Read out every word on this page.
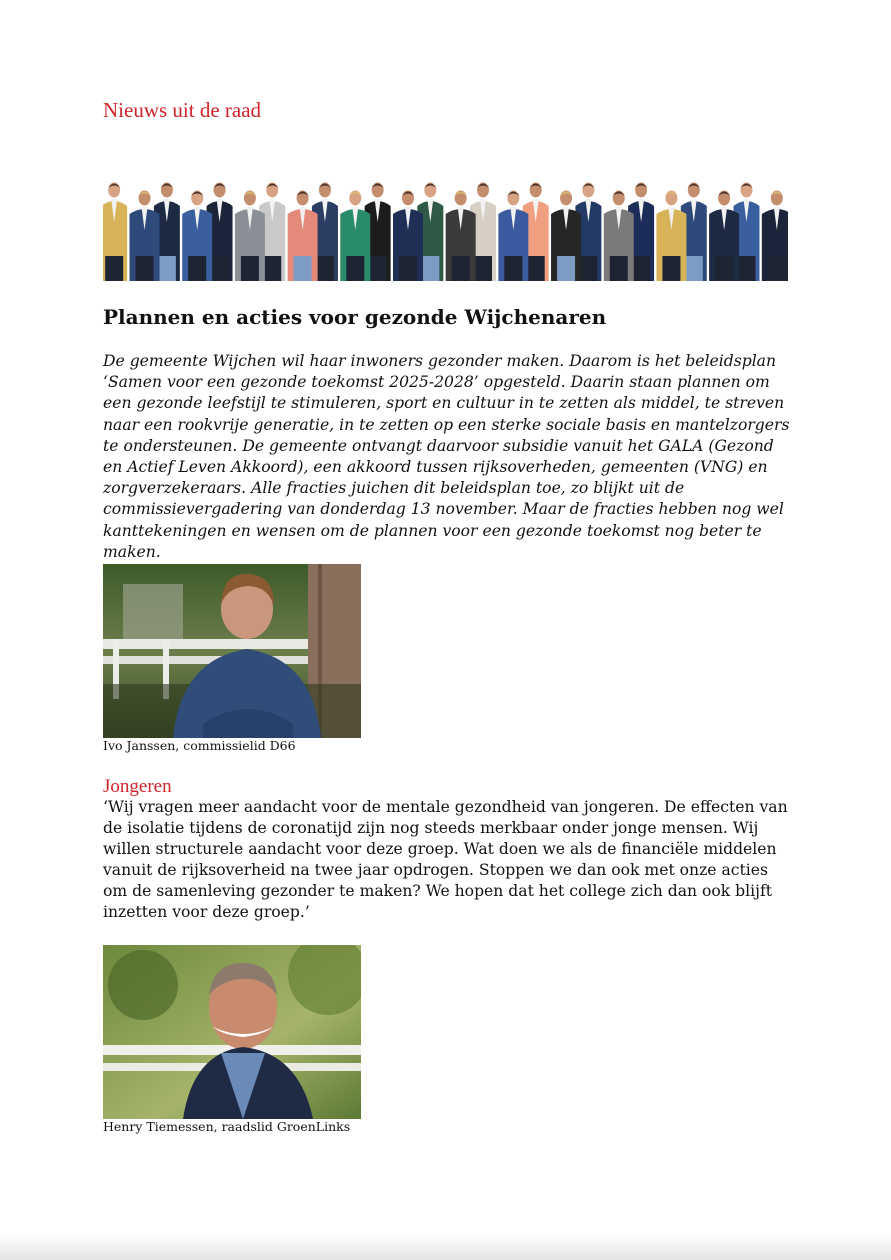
Nieuws uit de raad
Plannen en acties voor gezonde Wijchenaren

De gemeente Wijchen wil haar inwoners gezonder maken. Daarom is het beleidsplan ‘Samen voor een gezonde toekomst 2025-2028’ opgesteld. Daarin staan plannen om een gezonde leefstijl te stimuleren, sport en cultuur in te zetten als middel, te streven naar een rookvrije generatie, in te zetten op een sterke sociale basis en mantelzorgers te ondersteunen. De gemeente ontvangt daarvoor subsidie vanuit het GALA (Gezond en Actief Leven Akkoord), een akkoord tussen rijksoverheden, gemeenten (VNG) en zorgverzekeraars. Alle fracties juichen dit beleidsplan toe, zo blijkt uit de commissievergadering van donderdag 13 november. Maar de fracties hebben nog wel kanttekeningen en wensen om de plannen voor een gezonde toekomst nog beter te maken.

Ivo Janssen, commissielid D66
Jongeren

‘Wij vragen meer aandacht voor de mentale gezondheid van jongeren. De effecten van de isolatie tijdens de coronatijd zijn nog steeds merkbaar onder jonge mensen. Wij willen structurele aandacht voor deze groep. Wat doen we als de financiële middelen vanuit de rijksoverheid na twee jaar opdrogen. Stoppen we dan ook met onze acties om de samenleving gezonder te maken? We hopen dat het college zich dan ook blijft inzetten voor deze groep.’

Henry Tiemessen, raadslid GroenLinks
